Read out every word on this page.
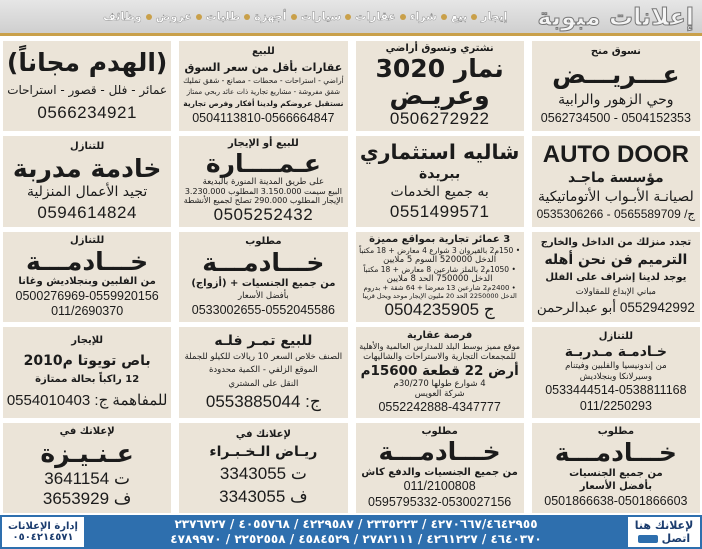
إعلانات مبوبة
إيجار
بيع
شراء
عقارات
سيارات
أجهزة
طلبات
عروض
وظائف
نسوق منح
عـــريـــض
وحي الزهور والرابية
0504152353 - 0562734500
نشتري ونسوق أراضي
نمار 3020
وعريـض
0506272922
للبيع
عقارات بأقل من سعر السوق
أراضي - استراحات - محطات - مصانع - شقق تمليك
شقق مفروشة - مشاريع تجارية ذات عائد ربحي ممتاز
نستقبل عروضكم ولدينا أفكار وفرص تجارية
0504113810-0566664847
(الهدم مجاناً)
عمائر - فلل - قصور - استراحات
0566234921
AUTO DOOR
مؤسسة ماجـد
لصيانـة الأبـواب الأتوماتيكية
ج/ 0565589709 - 0535306266
شاليه استثماري
ببريدة
به جميع الخدمات
0551499571
للبيع أو الإيجار
عـمــــارة
على طريق المدينة المنورة بالبديعة
البيع سيمت 3.150.000 المطلوب 3.230.000
الإيجار المطلوب 290.000 تصلح لجميع الأنشطة
0505252432
للتنازل
خادمة مدربة
تجيد الأعمال المنزلية
0594614824
تجدد منزلك من الداخل والخارج
الترميم فن نحن أهله
يوجد لدينا إشراف على الفلل
مباني الإبداع للمقاولات
0552942992 أبو عبدالرحمن
3 عمائر تجارية بمواقع مميزة
• 150م2 بالقيروان 3 شوارع 4 معارض + 18 مكتباً
الدخل 520000 السوم 5 ملايين
• 1050م2 بالملز شارعين 8 معارض + 18 مكتباً
الدخل 750000 الحد 8 ملايين
• 2400م2 شارعين 13 معرضا + 64 شقة + بدروم
الدخل 2250000 الحد 20 مليون الإيجار موحد ويحل قريبا
ج 0504235905
مطلوب
خـــادمـــة
من جميع الجنسيات + (أزواج)
بأفضل الأسعار
0533002655-0552045586
للتنازل
خـــادمـــة
من الفلبين وبنجلاديش وغانا
0500276969-0559920156
011/2690370
للتنازل
خـادمـة مـدربـة
من إندونيسيا والفلبين وفيتنام
وسيرلانكا وبنجلاديش
0533444514-0538811168
011/2250293
فرصة عقارية
موقع مميز بوسط البلد للمدارس العالمية والأهلية
للمجمعات التجارية والاستراحات والشاليهات
أرض 22 قطعة 15600م
4 شوارع طولها 30/270م
شركة العويس
0552242888-4347777
للبيع تمـر فلـه
الصنف خلاص السعر 10 ريالات للكيلو للجملة
الموقع الزلفي - الكمية محدودة
النقل على المشتري
ج: 0553885044
للإيجار
باص تويوتا م2010
12 راكباً بحالة ممتازة
للمفاهمة ج: 0554010403
مطلوب
خـــادمـــة
من جميع الجنسيات
بأفضل الأسعار
0501866638-0501866603
مطلوب
خـــادمـــة
من جميع الجنسيات والدفع كاش
011/2100808
0595795332-0530027156
لإعلانك في
ريـاض الـخـبـراء
ت 3343055
ف 3343055
لإعلانك في
عـنـيـزة
ت 3641154
ف 3653929
لإعلانك هنا
اتصل
٤٢٧٠٦٦٧/٤٦٤٢٩٥٥ / ٢٣٣٥٢٢٣ / ٤٢٢٩٥٨٧ / ٤٠٥٥٧٦٨ / ٢٣٧٦٧٢٧
٤٦٤٠٣٧٠ / ٤٢٦١٢٢٧ / ٢٧٨٢١١١ / ٤٥٨٤٥٢٩ / ٢٢٥٢٥٥٨ / ٤٧٨٩٩٧٠
إدارة الإعلانات
٠٥٠٤٢١٤٥٧١
